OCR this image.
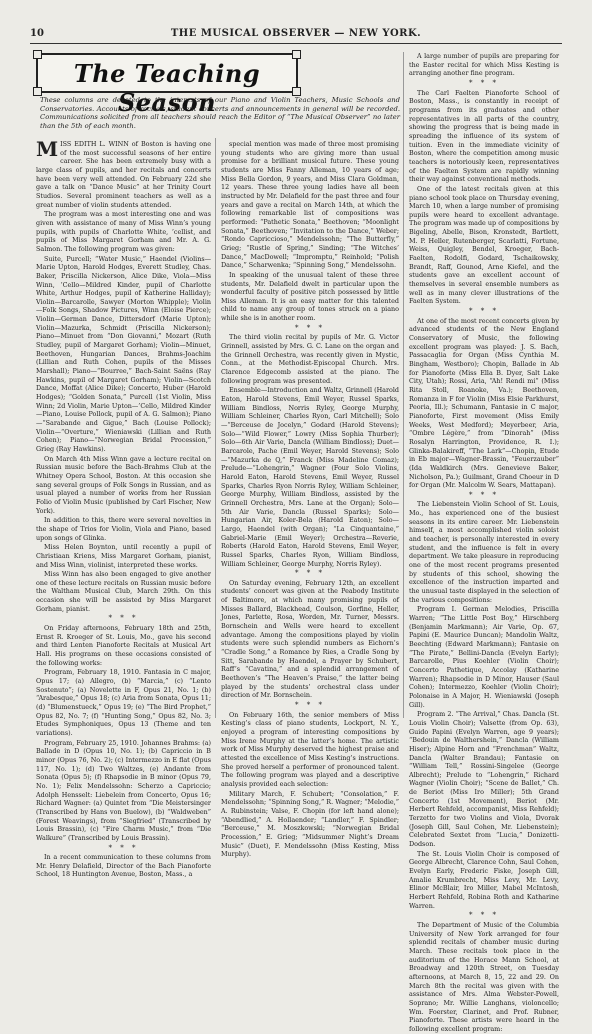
10	THE MUSICAL OBSERVER — NEW YORK.
The Teaching Season
These columns are devoted to the interests of our Piano and Violin Teachers, Music Schools and Conservatories. Accounts of recitals, student concerts and announcements in general will be recorded. Communications solicited from all teachers should reach the Editor of “The Musical Observer” no later than the 5th of each month.

MISS EDITH L. WINN of Boston is having one of the most successful seasons of her entire career. She has been extremely busy with a large class of pupils, and her recitals and concerts have been very well attended. On February 22d she gave a talk on “Dance Music” at her Trinity Court Studios. Several prominent teachers as well as a great number of violin students attended.

The program was a most interesting one and was given with assistance of many of Miss Winn’s young pupils, with pupils of Charlotte White, ’cellist, and pupils of Miss Margaret Gorham and Mr. A. G. Salmon. The following program was given:

Suite, Purcell; “Water Music,” Haendel (Violins—Marie Upton, Harold Hodges, Everett Studley, Chas. Baker, Priscilla Nickerson, Alice Dike, Viola—Miss Winn, ’Cello—Mildred Kinder, pupil of Charlotte White, Arthur Hodges, pupil of Katherine Halliday); Violin—Barcarolle, Sawyer (Morton Whipple); Violin—Folk Songs, Shadow Pictures, Winn (Eloise Pierce); Violin—German Dance, Dittersdorf (Marie Upton); Violin—Mazurka, Schmidt (Priscilla Nickerson); Piano—Minuet from “Don Giovanni,” Mozart (Ruth Studley, pupil of Margaret Gorham); Violin—Minuet, Beethoven, Hungarian Dances, Brahms-Joachim (Lillian and Ruth Cohen, pupils of the Misses Marshall); Piano—“Bourree,” Bach-Saint Saëns (Ray Hawkins, pupil of Margaret Gorham); Violin—Scotch Dance, Moffat (Alice Dike); Concerto, Huber (Harold Hodges); “Golden Sonata,” Purcell (1st Violin, Miss Winn; 2d Violin, Marie Upton—’Cello, Mildred Kinder—Piano, Louise Pollock, pupil of A. G. Salmon); Piano—“Sarabande and Gigue,” Bach (Louise Pollock); Violin—“Overture,” Wieniawski (Lillian and Ruth Cohen); Piano—“Norwegian Bridal Procession,” Grieg (Ray Hawkins).

On March 4th Miss Winn gave a lecture recital on Russian music before the Bach-Brahms Club at the Whitney Opera School, Boston. At this occasion she sang several groups of Folk Songs in Russian, and as usual played a number of works from her Russian Folio of Violin Music (published by Carl Fischer, New York).

In addition to this, there were several novelties in the shape of Trios for Violin, Viola and Piano, based upon songs of Glinka.

Miss Helen Boynton, until recently a pupil of Christiaan Kriens, Miss Margaret Gorham, pianist, and Miss Winn, violinist, interpreted these works.

Miss Winn has also been engaged to give another one of these lecture recitals on Russian music before the Waltham Musical Club, March 29th. On this occasion she will be assisted by Miss Margaret Gorham, pianist.

* * *

On Friday afternoons, February 18th and 25th, Ernst R. Kroeger of St. Louis, Mo., gave his second and third Lenten Pianoforte Recitals at Musical Art Hall. His programs on these occasions consisted of the following works:

Program, February 18, 1910. Fantasia in C major, Opus 17; (a) Allegro, (b) “Marcia,” (c) “Lento Sostenuto”; (a) Novelette in F, Opus 21, No. 1; (b) “Arabesque,” Opus 18; (c) Aria from Sonata, Opus 11; (d) “Blumenstueck,” Opus 19; (e) “The Bird Prophet,” Opus 82, No. 7; (f) “Hunting Song,” Opus 82, No. 3; Etudes Symphoniques, Opus 13 (Theme and ten variations).

Program, February 25, 1910. Johannes Brahms: (a) Ballade in D (Opus 10, No. 1); (b) Capriccio in B minor (Opus 76, No. 2); (c) Intermezzo in E flat (Opus 117, No. 1); (d) Two Waltzes, (e) Andante from Sonata (Opus 5); (f) Rhapsodie in B minor (Opus 79, No. 1); Felix Mendelssohn: Scherzo a Capriccio; Adolph Hensselt: Liebelein from Concerto, Opus 16; Richard Wagner: (a) Quintet from “Die Meistersinger (Transcribed by Hans von Buelow), (b) “Waldweben” (Forest Weavings), from “Siegfried” (Transcribed by Louis Brassin), (c) “Fire Charm Music,” from “Die Walkure” (Transcribed by Louis Brassin).

* * *

In a recent communication to these columns from Mr. Henry Delafield, Director of the Bach Pianoforte School, 18 Huntington Avenue, Boston, Mass., a

special mention was made of three most promising young students who are giving more than usual promise for a brilliant musical future. These young students are Miss Fanny Alleman, 10 years of age; Miss Bella Gordon, 9 years, and Miss Clara Goldman, 12 years. These three young ladies have all been instructed by Mr. Delafield for the past three and four years and gave a recital on March 14th, at which the following remarkable list of compositions was performed: “Pathetic Sonata,” Beethoven; “Moonlight Sonata,” Beethoven; “Invitation to the Dance,” Weber; “Rondo Capriccioso,” Mendelssohn; “The Butterfly,” Grieg; “Rustle of Spring,” Sinding; “The Witches’ Dance,” MacDowell; “Impromptu,” Reinhold; “Polish Dance,” Scharwenka; “Spinning Song,” Mendelssohn.

In speaking of the unusual talent of these three students, Mr. Delafield dwelt in particular upon the wonderful faculty of positive pitch possessed by little Miss Alleman. It is an easy matter for this talented child to name any group of tones struck on a piano while she is in another room.

* * *

The third violin recital by pupils of Mr. G. Victor Grinnell, assisted by Mrs. G. C. Lane on the organ and the Grinnell Orchestra, was recently given in Mystic, Conn., at the Methodist-Episcopal Church. Mrs. Clarence Edgecomb assisted at the piano. The following program was presented.

Ensemble—Introduction and Waltz, Grinnell (Harold Eaton, Harold Stevens, Emil Weyer, Russel Sparks, William Bindloss, Norris Ryley, George Murphy, William Schleiner, Charles Ryon, Carl Mitchell); Solo—“Berceuse de Jocelyn,” Godard (Harold Stevens); Solo—“Wild Flower,” Lowry (Miss Sophia Thurber); Solo—6th Air Varie, Dancla (William Bindloss); Duet—Barcarole, Pache (Emil Weyer, Harold Stevens); Solo—“Mazurka de Q,” Franck (Miss Madeline Comaz); Prelude—“Lohengrin,” Wagner (Four Solo Violins, Harold Eaton, Harold Stevens, Emil Weyer, Russel Sparks, Charles Ryon Norris Ryley, William Schleiner, George Murphy, William Bindloss, assisted by the Grinnell Orchestra, Mrs. Lane at the Organ); Solo—5th Air Varie, Dancla (Russel Sparks); Solo—Hungarian Air, Koler-Bela (Harold Eaton); Solo—Largo, Haendel (with Organ); “La Cinquantaine,” Gabriel-Marie (Emil Weyer); Orchestra—Reverie, Roberts (Harold Eaton, Harold Stevens, Emil Weyer, Russel Sparks, Charles Ryon, William Bindloss, William Schleiner, George Murphy, Norris Ryley).

* * *

On Saturday evening, February 12th, an excellent students’ concert was given at the Peabody Institute of Baltimore, at which many promising pupils of Misses Ballard, Blackhead, Coulson, Gorfine, Heller, Jones, Parlette, Rosa, Worden, Mr. Turner, Messrs. Bornschein and Wells were heard to excellent advantage. Among the compositions played by violin students were such splendid numbers as Eichorn’s “Cradle Song,” a Romance by Ries, a Cradle Song by Sitt, Sarabande by Haendel, a Prayer by Schubert, Raff’s “Cavatina,” and a splendid arrangement of Beethoven’s “The Heaven’s Praise,” the latter being played by the students’ orchestral class under direction of Mr. Bornschein.

* * *

On February 16th, the senior members of Miss Kesting’s class of piano students, Lockport, N. Y., enjoyed a program of interesting compositions by Miss Irene Murphy at the latter’s home. The artistic work of Miss Murphy deserved the highest praise and attested the excellence of Miss Kesting’s instructions. She proved herself a performer of pronounced talent. The following program was played and a descriptive analysis provided each selection:

Military March, F. Schubert; “Consolation,” F. Mendelssohn; “Spinning Song,” R. Wagner; “Melodie,” A. Rubinstein; Valse, F. Chopin (for left hand alone); “Abendlied,” A. Hollaender; “Landler,” F. Spindler; “Berceuse,” M. Moszkowski; “Norwegian Bridal Procession,” E. Grieg; “Midsummer Night’s Dream Music” (Duet), F. Mendelssohn (Miss Kesting, Miss Murphy).

A large number of pupils are preparing for the Easter recital for which Miss Kesting is arranging another fine program.

* * *

The Carl Faelten Pianoforte School of Boston, Mass., is constantly in receipt of programs from its graduates and other representatives in all parts of the country, showing the progress that is being made in spreading the influence of its system of tuition. Even in the immediate vicinity of Boston, where the competition among music teachers is notoriously keen, representatives of the Faelten System are rapidly winning their way against conventional methods.

One of the latest recitals given at this piano school took place on Thursday evening, March 10, when a large number of promising pupils were heard to excellent advantage. The program was made up of compositions by Bigeling, Abelle, Bison, Kronstedt, Bartlett, M. P. Heller, Rutenberger, Scarlatti, Fortune, Weiss, Quigley, Bendel, Kroeger, Bach-Faelten, Rodolfi, Godard, Tschaikowsky, Brandt, Raff, Gounod, Arne Kiefel, and the students gave an excellent account of themselves in several ensemble numbers as well as in many clever illustrations of the Faelten System.

* * *

At one of the most recent concerts given by advanced students of the New England Conservatory of Music, the following excellent program was played: J. S. Bach, Passacaglia for Organ (Miss Cynthia M. Bingham, Westboro); Chopin, Ballade in Ab for Pianoforte (Miss Ella B. Dyer, Salt Lake City, Utah); Rossi, Aria, “Ah! Rendi mi” (Miss Rita Stoll, Roanoke, Va.); Beethoven, Romanza in F for Violin (Miss Elsie Parkhurst, Peoria, Ill.); Schumann, Fantasie in C major, Pianoforte, First movement (Miss Emily Weeks, West Medford); Meyerbeer, Aria, “Ombre Légère,” from “Dinorah” (Miss Rosalyn Harrington, Providence, R. I.); Glinka-Balakireff, “The Lark”—Chopin, Etude in Eb major—Wagner-Brassin, “Feuerzauber” (Ida Waldkirch (Mrs. Genevieve Baker, Nicholson, Pa.); Guilmant, Grand Choeur in D for Organ (Mr. Malcolm W. Sears, Mattapan).

* * *

The Liebenstein Violin School of St. Louis, Mo., has experienced one of the busiest seasons in its entire career. Mr. Liebenstein himself, a most accomplished violin soloist and teacher, is personally interested in every student, and the influence is felt in every department. We take pleasure in reproducing one of the most recent programs presented by students of this school, showing the excellence of the instruction imparted and the unusual taste displayed in the selection of the various compositions:

Program I. German Melodies, Priscilla Warren; “The Little Post Boy,” Hirschberg (Benjamin Markmann); Air Varie, Op. 67, Papini (E. Maurice Duncan); Mandolin Waltz, Beechting (Edward Markmann); Fantasie on “The Pirate,” Bellini-Dancla (Evelyn Early); Barcarolle, Pius Koehler (Violin Choir); Concerto Pathetique, Accolay (Katharine Warren); Rhapsodie in D Minor, Hauser (Saul Cohen); Intermezzo, Koehler (Violin Choir); Polonaise in A Major, H. Wieniawski (Joseph Gill).

Program 2. “The Arrival,” Chas. Dancla (St. Louis Violin Choir); Valsette (from Op. 63), Guido Papini (Evelyn Warren, age 9 years); “Bedouin de Walthershein,” Dancla (William Hiser); Alpine Horn and “Frenchman” Waltz, Dancla (Walter Brandau); Fantasie on “William Tell,” Rossini-Singelee (George Albrecht); Prelude to “Lohengrin,” Richard Wagner (Violin Choir); “Scene de Ballet,” Ch. de Beriot (Miss Iro Miller); 5th Grand Concerto (1st Movement), Beriot (Mr. Herbert Rehfeld, accompanist, Miss Rehfeld); Terzetto for two Violins and Viola, Dvorak (Joseph Gill, Saul Cohen, Mr. Liebenstein); Celebrated Sextet from “Lucia,” Donizetti-Dodson.

The St. Louis Violin Choir is composed of George Albrecht, Clarence Cohn, Saul Cohen, Evelyn Early, Frederic Fiske, Joseph Gill, Amalie Krumbrecht, Miss Levy, Mr. Levy, Elinor McBlair, Iro Miller, Mabel McIntosh, Herbert Rehfeld, Robina Roth and Katharine Warren.

* * *

The Department of Music of the Columbia University of New York arranged for four splendid recitals of chamber music during March. These recitals took place in the auditorium of the Horace Mann School, at Broadway and 120th Street, on Tuesday afternoons, at March 8, 15, 22 and 29. On March 8th the recital was given with the assistance of Mrs. Alma Webster-Powell, Soprano; Mr. Willie Langhans, violoncello; Wm. Foerster, Clarinet, and Prof. Rubner, Pianoforte. These artists were heard in the following excellent program:
